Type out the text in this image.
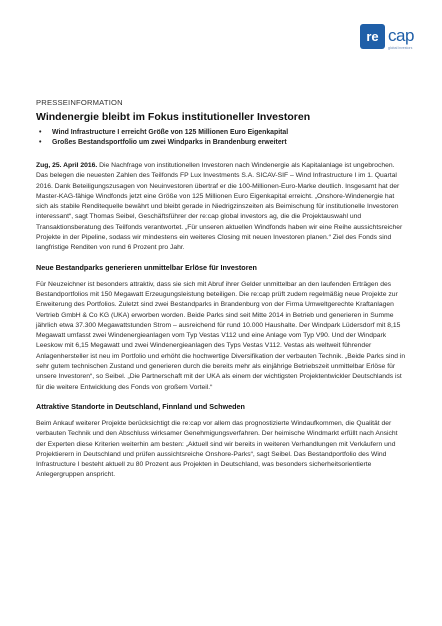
re cap
global investors
PRESSEINFORMATION
Windenergie bleibt im Fokus institutioneller Investoren
• Wind Infrastructure I erreicht Größe von 125 Millionen Euro Eigenkapital
• Großes Bestandsportfolio um zwei Windparks in Brandenburg erweitert

Zug, 25. April 2016. Die Nachfrage von institutionellen Investoren nach Windenergie als Kapitalanlage ist ungebrochen. Das belegen die neuesten Zahlen des Teilfonds FP Lux Investments S.A. SICAV-SIF – Wind Infrastructure I im 1. Quartal 2016. Dank Beteiligungszusagen von Neuinvestoren übertraf er die 100-Millionen-Euro-Marke deutlich. Insgesamt hat der Master-KAG-fähige Windfonds jetzt eine Größe von 125 Millionen Euro Eigenkapital erreicht. „Onshore-Windenergie hat sich als stabile Renditequelle bewährt und bleibt gerade in Niedrigzinszeiten als Beimischung für institutionelle Investoren interessant“, sagt Thomas Seibel, Geschäftsführer der re:cap global investors ag, die die Projektauswahl und Transaktionsberatung des Teilfonds verantwortet. „Für unseren aktuellen Windfonds haben wir eine Reihe aussichtsreicher Projekte in der Pipeline, sodass wir mindestens ein weiteres Closing mit neuen Investoren planen.“ Ziel des Fonds sind langfristige Renditen von rund 6 Prozent pro Jahr.

Neue Bestandparks generieren unmittelbar Erlöse für Investoren

Für Neuzeichner ist besonders attraktiv, dass sie sich mit Abruf ihrer Gelder unmittelbar an den laufenden Erträgen des Bestandportfolios mit 150 Megawatt Erzeugungsleistung beteiligen. Die re:cap prüft zudem regelmäßig neue Projekte zur Erweiterung des Portfolios. Zuletzt sind zwei Bestandparks in Brandenburg von der Firma Umweltgerechte Kraftanlagen Vertrieb GmbH & Co KG (UKA) erworben worden. Beide Parks sind seit Mitte 2014 in Betrieb und generieren in Summe jährlich etwa 37.300 Megawattstunden Strom – ausreichend für rund 10.000 Haushalte. Der Windpark Lüdersdorf mit 8,15 Megawatt umfasst zwei Windenergieanlagen vom Typ Vestas V112 und eine Anlage vom Typ V90. Und der Windpark Leeskow mit 6,15 Megawatt und zwei Windenergieanlagen des Typs Vestas V112. Vestas als weltweit führender Anlagenhersteller ist neu im Portfolio und erhöht die hochwertige Diversifikation der verbauten Technik. „Beide Parks sind in sehr gutem technischen Zustand und generieren durch die bereits mehr als einjährige Betriebszeit unmittelbar Erlöse für unsere Investoren“, so Seibel. „Die Partnerschaft mit der UKA als einem der wichtigsten Projektentwickler Deutschlands ist für die weitere Entwicklung des Fonds von großem Vorteil.“

Attraktive Standorte in Deutschland, Finnland und Schweden

Beim Ankauf weiterer Projekte berücksichtigt die re:cap vor allem das prognostizierte Windaufkommen, die Qualität der verbauten Technik und den Abschluss wirksamer Genehmigungsverfahren. Der heimische Windmarkt erfüllt nach Ansicht der Experten diese Kriterien weiterhin am besten: „Aktuell sind wir bereits in weiteren Verhandlungen mit Verkäufern und Projektierern in Deutschland und prüfen aussichtsreiche Onshore-Parks“, sagt Seibel. Das Bestandportfolio des Wind Infrastructure I besteht aktuell zu 80 Prozent aus Projekten in Deutschland, was besonders sicherheitsorientierte Anlegergruppen anspricht.
